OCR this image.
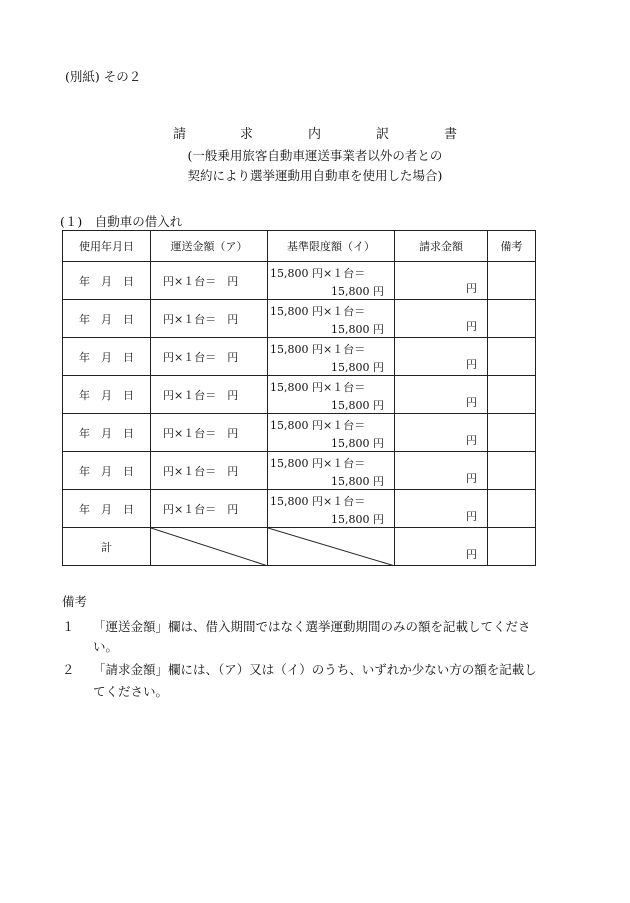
(別紙) その２
請	求	内	訳	書
(一般乗用旅客自動車運送事業者以外の者との
契約により選挙運動用自動車を使用した場合)
(１)　自動車の借入れ
使用年月日	運送金額（ア）	基準限度額（イ）	請求金額	備考
年　月　日	円×１台＝　円	15,800 円×１台＝
15,800 円	円	

年　月　日	円×１台＝　円	15,800 円×１台＝
15,800 円	円	

年　月　日	円×１台＝　円	15,800 円×１台＝
15,800 円	円	

年　月　日	円×１台＝　円	15,800 円×１台＝
15,800 円	円	

年　月　日	円×１台＝　円	15,800 円×１台＝
15,800 円	円	

年　月　日	円×１台＝　円	15,800 円×１台＝
15,800 円	円	

年　月　日	円×１台＝　円	15,800 円×１台＝
15,800 円	円	

計			円	

備考
１ 「運送金額」欄は、借入期間ではなく選挙運動期間のみの額を記載してくださ
い。
２ 「請求金額」欄には、（ア）又は（イ）のうち、いずれか少ない方の額を記載し
てください。
